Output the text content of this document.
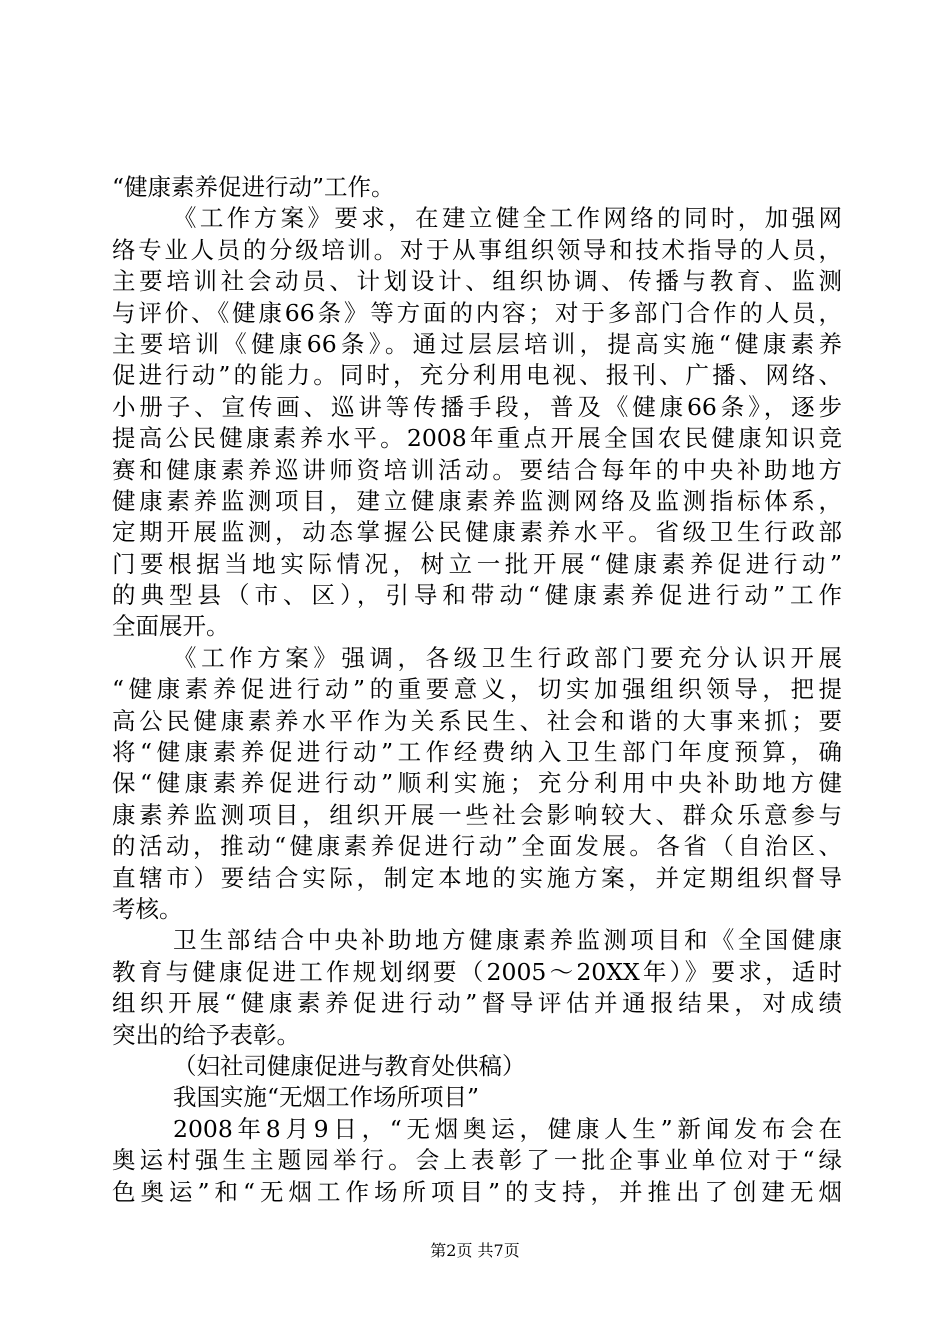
“健康素养促进行动”工作。
《工作方案》要求，在建立健全工作网络的同时，加强网
络专业人员的分级培训。对于从事组织领导和技术指导的人员，
主要培训社会动员、计划设计、组织协调、传播与教育、监测
与评价、《健康66条》等方面的内容；对于多部门合作的人员，
主要培训《健康66条》。通过层层培训，提高实施“健康素养
促进行动”的能力。同时，充分利用电视、报刊、广播、网络、
小册子、宣传画、巡讲等传播手段，普及《健康66条》，逐步
提高公民健康素养水平。2008年重点开展全国农民健康知识竞
赛和健康素养巡讲师资培训活动。要结合每年的中央补助地方
健康素养监测项目，建立健康素养监测网络及监测指标体系，
定期开展监测，动态掌握公民健康素养水平。省级卫生行政部
门要根据当地实际情况，树立一批开展“健康素养促进行动”
的典型县（市、区），引导和带动“健康素养促进行动”工作
全面展开。
《工作方案》强调，各级卫生行政部门要充分认识开展
“健康素养促进行动”的重要意义，切实加强组织领导，把提
高公民健康素养水平作为关系民生、社会和谐的大事来抓；要
将“健康素养促进行动”工作经费纳入卫生部门年度预算，确
保“健康素养促进行动”顺利实施；充分利用中央补助地方健
康素养监测项目，组织开展一些社会影响较大、群众乐意参与
的活动，推动“健康素养促进行动”全面发展。各省（自治区、
直辖市）要结合实际，制定本地的实施方案，并定期组织督导
考核。
卫生部结合中央补助地方健康素养监测项目和《全国健康
教育与健康促进工作规划纲要（2005～20XX年）》要求，适时
组织开展“健康素养促进行动”督导评估并通报结果，对成绩
突出的给予表彰。
（妇社司健康促进与教育处供稿）
我国实施“无烟工作场所项目”
2008年8月9日，“无烟奥运，健康人生”新闻发布会在
奥运村强生主题园举行。会上表彰了一批企事业单位对于“绿
色奥运”和“无烟工作场所项目”的支持，并推出了创建无烟
第2页 共7页
